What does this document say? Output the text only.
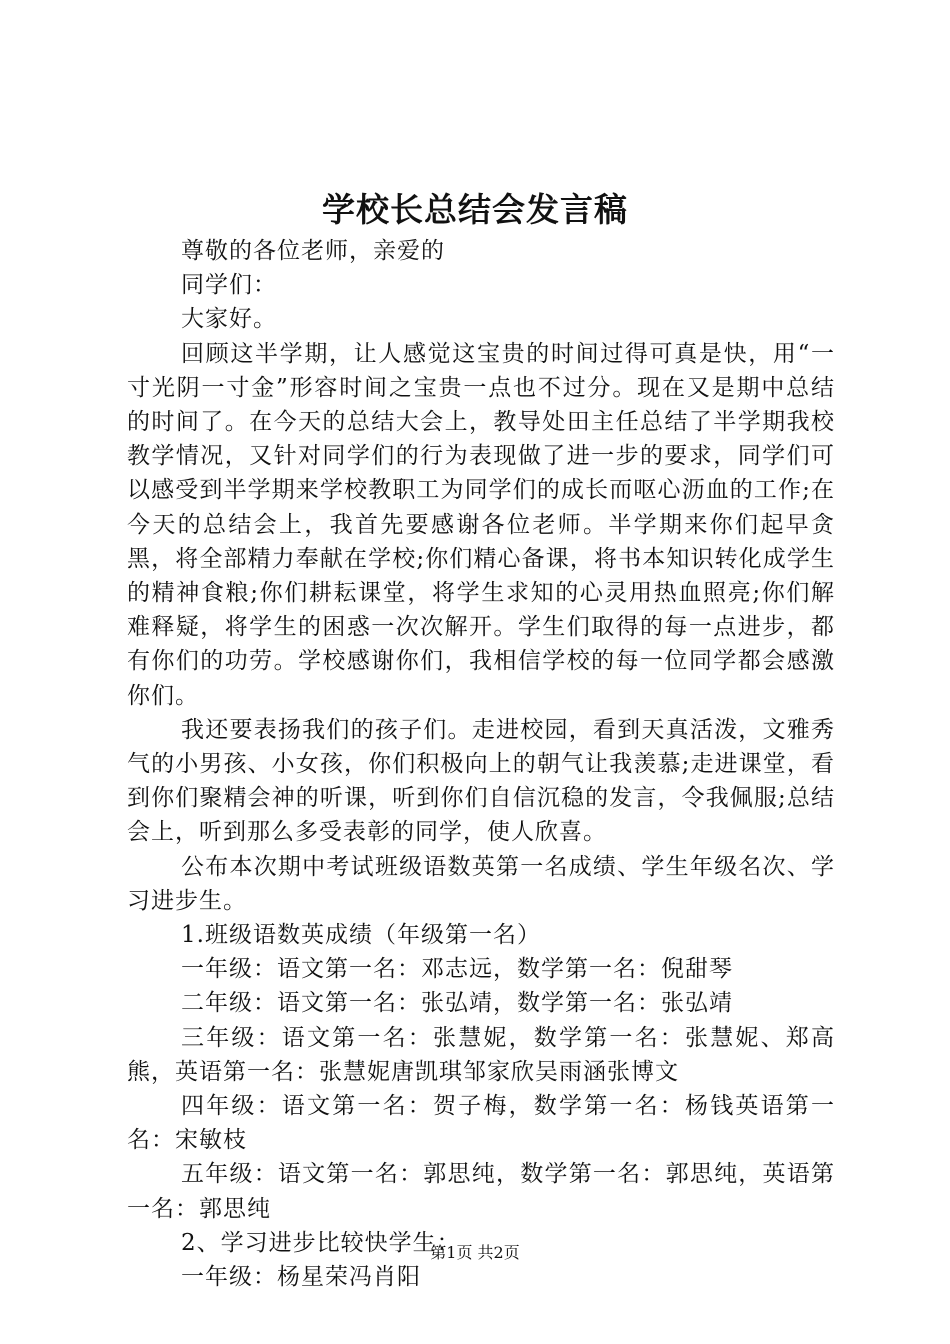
学校长总结会发言稿

尊敬的各位老师，亲爱的

同学们：

大家好。

回顾这半学期，让人感觉这宝贵的时间过得可真是快，用“一寸光阴一寸金”形容时间之宝贵一点也不过分。现在又是期中总结的时间了。在今天的总结大会上，教导处田主任总结了半学期我校教学情况，又针对同学们的行为表现做了进一步的要求，同学们可以感受到半学期来学校教职工为同学们的成长而呕心沥血的工作;在今天的总结会上，我首先要感谢各位老师。半学期来你们起早贪黑，将全部精力奉献在学校;你们精心备课，将书本知识转化成学生的精神食粮;你们耕耘课堂，将学生求知的心灵用热血照亮;你们解难释疑，将学生的困惑一次次解开。学生们取得的每一点进步，都有你们的功劳。学校感谢你们，我相信学校的每一位同学都会感激你们。

我还要表扬我们的孩子们。走进校园，看到天真活泼，文雅秀气的小男孩、小女孩，你们积极向上的朝气让我羡慕;走进课堂，看到你们聚精会神的听课，听到你们自信沉稳的发言，令我佩服;总结会上，听到那么多受表彰的同学，使人欣喜。

公布本次期中考试班级语数英第一名成绩、学生年级名次、学习进步生。

1.班级语数英成绩（年级第一名）

一年级：语文第一名：邓志远，数学第一名：倪甜琴

二年级：语文第一名：张弘靖，数学第一名：张弘靖

三年级：语文第一名：张慧妮，数学第一名：张慧妮、郑高熊，英语第一名：张慧妮唐凯琪邹家欣吴雨涵张博文

四年级：语文第一名：贺子梅，数学第一名：杨钱英语第一名：宋敏枝

五年级：语文第一名：郭思纯，数学第一名：郭思纯，英语第一名：郭思纯

2、学习进步比较快学生：

一年级：杨星荣冯肖阳

第1页 共2页
